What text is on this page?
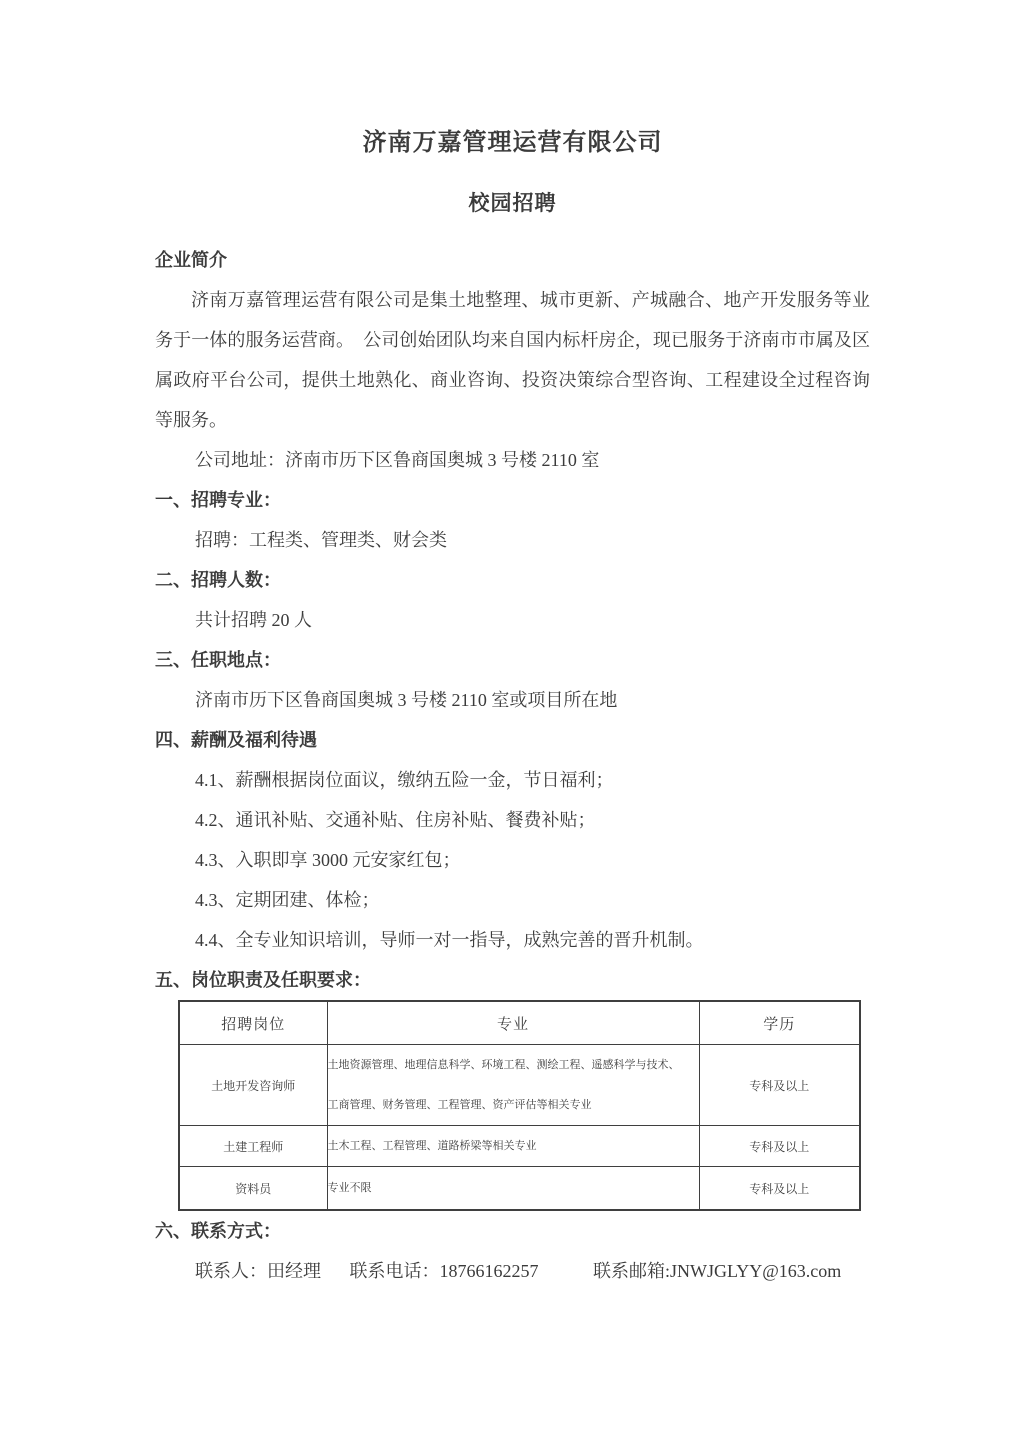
济南万嘉管理运营有限公司
校园招聘
企业简介

济南万嘉管理运营有限公司是集土地整理、城市更新、产城融合、地产开发服务等业务于一体的服务运营商。　公司创始团队均来自国内标杆房企，现已服务于济南市市属及区属政府平台公司，提供土地熟化、商业咨询、投资决策综合型咨询、工程建设全过程咨询等服务。

公司地址：济南市历下区鲁商国奥城 3 号楼 2110 室

一、招聘专业：

招聘：工程类、管理类、财会类

二、招聘人数：

共计招聘 20 人

三、任职地点：

济南市历下区鲁商国奥城 3 号楼 2110 室或项目所在地

四、薪酬及福利待遇

4.1、薪酬根据岗位面议，缴纳五险一金，节日福利；

4.2、通讯补贴、交通补贴、住房补贴、餐费补贴；

4.3、入职即享 3000 元安家红包；

4.3、定期团建、体检；

4.4、全专业知识培训，导师一对一指导，成熟完善的晋升机制。

五、岗位职责及任职要求：
招聘岗位	专业	学历
土地开发咨询师	土地资源管理、地理信息科学、环境工程、测绘工程、遥感科学与技术、
工商管理、财务管理、工程管理、资产评估等相关专业	专科及以上
土建工程师	土木工程、工程管理、道路桥梁等相关专业	专科及以上
资料员	专业不限	专科及以上
六、联系方式：

联系人：田经理 联系电话：18766162257	联系邮箱:JNWJGLYY@163.com
